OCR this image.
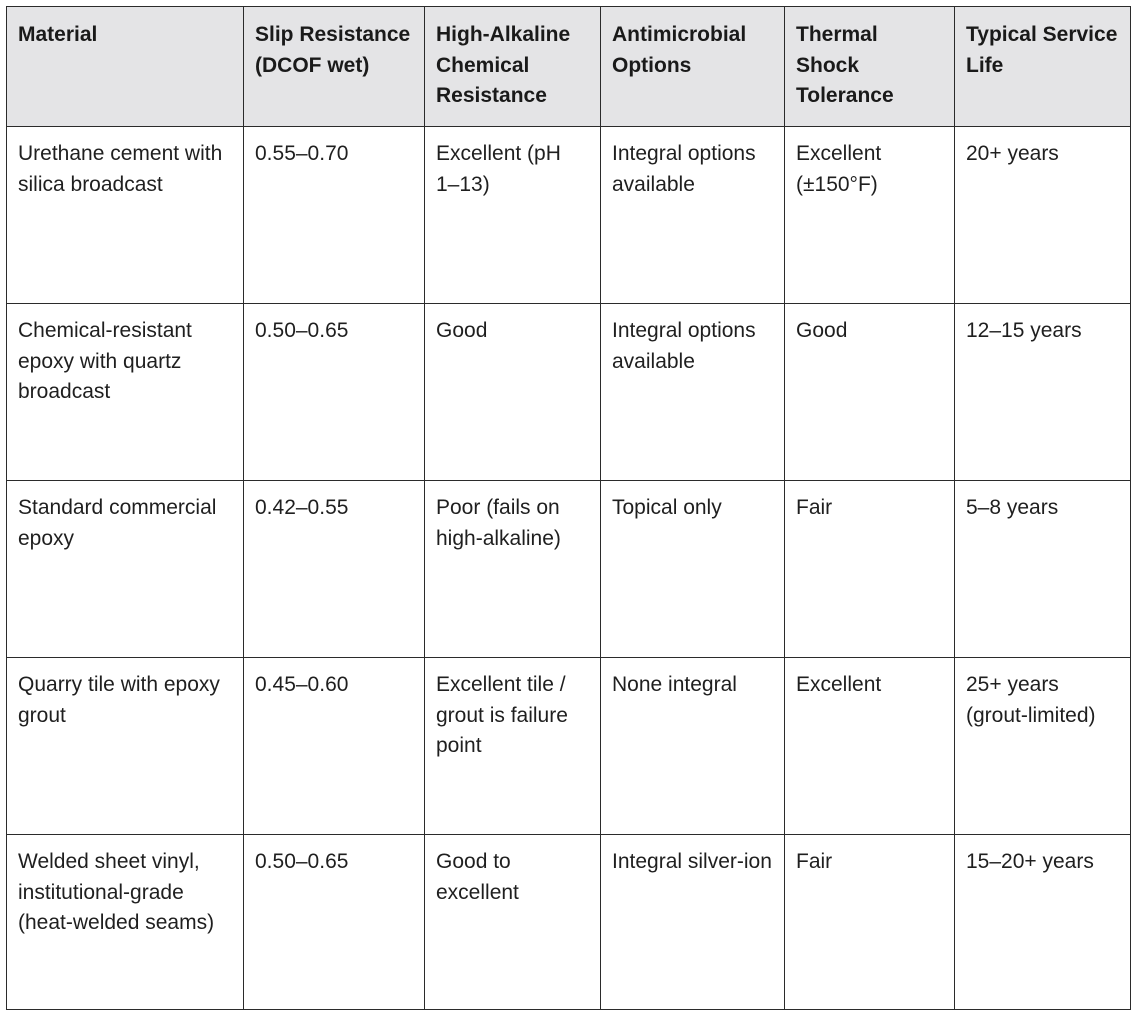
Material	Slip Resistance (DCOF wet)	High-Alkaline Chemical Resistance	Antimicrobial Options	Thermal Shock Tolerance	Typical Service Life
Urethane cement with silica broadcast	0.55–0.70	Excellent (pH 1–13)	Integral options available	Excellent (±150°F)	20+ years
Chemical-resistant epoxy with quartz broadcast	0.50–0.65	Good	Integral options available	Good	12–15 years
Standard commercial epoxy	0.42–0.55	Poor (fails on high-alkaline)	Topical only	Fair	5–8 years
Quarry tile with epoxy grout	0.45–0.60	Excellent tile / grout is failure point	None integral	Excellent	25+ years (grout-limited)
Welded sheet vinyl, institutional-grade (heat-welded seams)	0.50–0.65	Good to excellent	Integral silver-ion	Fair	15–20+ years
